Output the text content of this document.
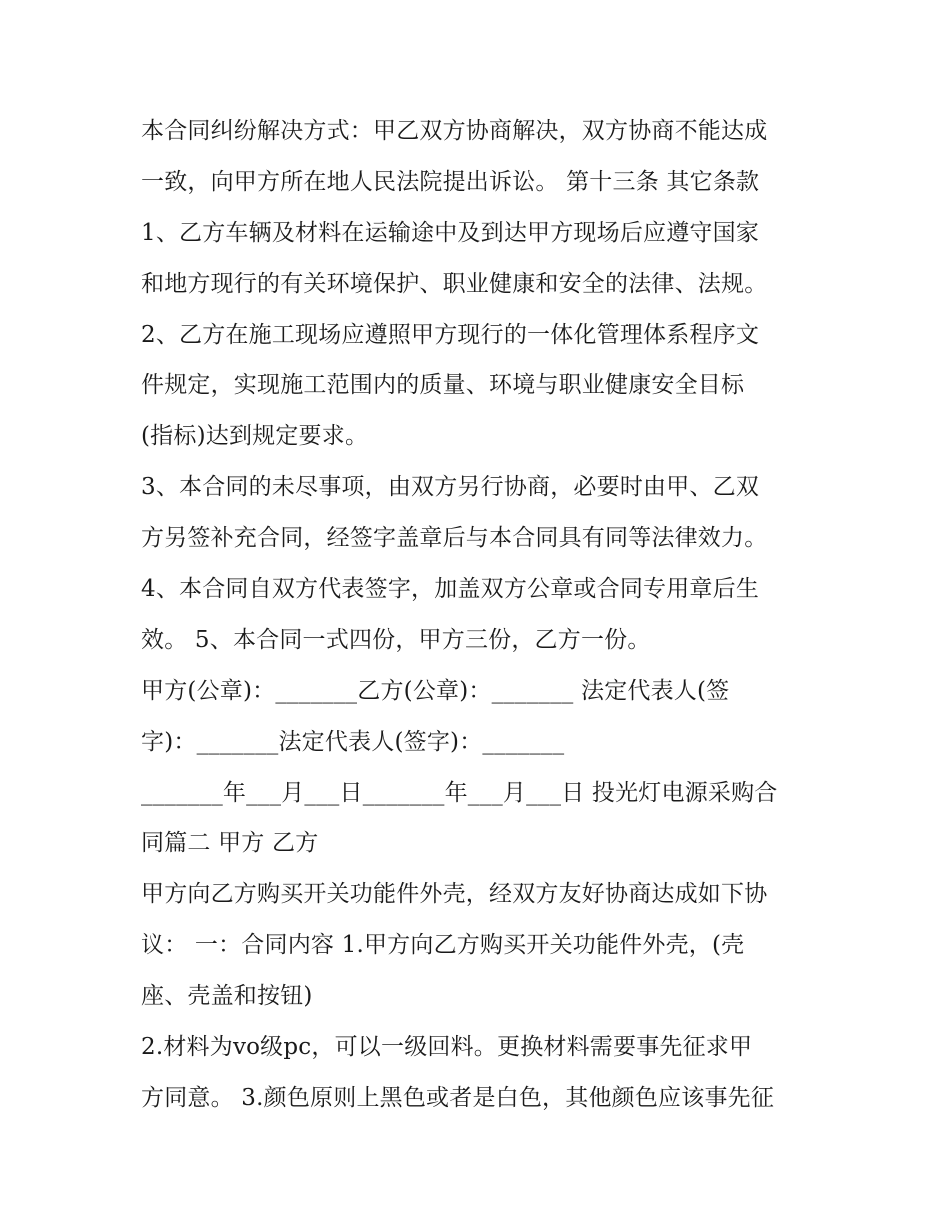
本合同纠纷解决方式：甲乙双方协商解决，双方协商不能达成
一致，向甲方所在地人民法院提出诉讼。 第十三条 其它条款
1、乙方车辆及材料在运输途中及到达甲方现场后应遵守国家
和地方现行的有关环境保护、职业健康和安全的法律、法规。
2、乙方在施工现场应遵照甲方现行的一体化管理体系程序文
件规定，实现施工范围内的质量、环境与职业健康安全目标
(指标)达到规定要求。
3、本合同的未尽事项，由双方另行协商，必要时由甲、乙双
方另签补充合同，经签字盖章后与本合同具有同等法律效力。
4、本合同自双方代表签字，加盖双方公章或合同专用章后生
效。 5、本合同一式四份，甲方三份，乙方一份。
甲方(公章)：_______乙方(公章)：_______ 法定代表人(签
字)：_______法定代表人(签字)：_______
_______年___月___日_______年___月___日 投光灯电源采购合
同篇二 甲方 乙方
甲方向乙方购买开关功能件外壳，经双方友好协商达成如下协
议： 一：合同内容 1.甲方向乙方购买开关功能件外壳，(壳
座、壳盖和按钮)
2.材料为vo级pc，可以一级回料。更换材料需要事先征求甲
方同意。 3.颜色原则上黑色或者是白色，其他颜色应该事先征
